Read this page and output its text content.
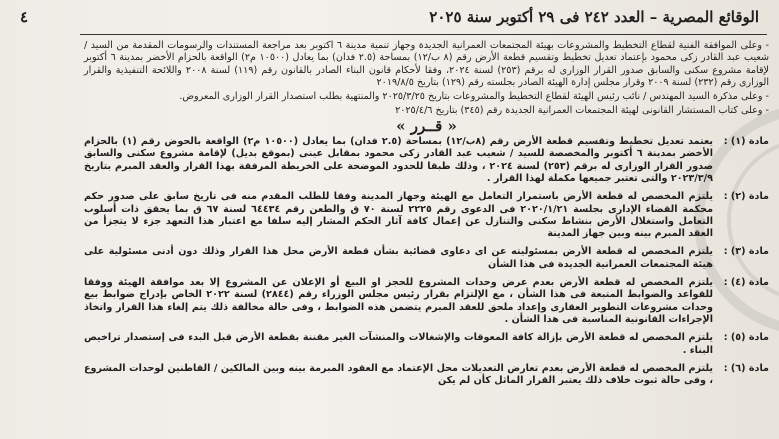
الوقائع المصرية – العدد ٢٤٢ فى ٢٩ أكتوبر سنة ٢٠٢٥
٤

- وعلى الموافقة الفنية لقطاع التخطيط والمشروعات بهيئة المجتمعات العمرانية الجديدة وجهاز تنمية مدينة ٦ اكتوبر بعد مراجعة المستندات والرسومات المقدمة من السيد / شعيب عبد القادر زكى محمود بإعتماد تعديل تخطيط وتقسيم قطعة الأرض رقم (٨ ب/١٢) بمساحة (٢.٥ فدان) بما يعادل (١٠٥٠٠ م٢) الواقعة بالحزام الأخضر بمدينة ٦ أكتوبر لإقامة مشروع سكنى والسابق صدور القرار الوزارى له برقم (٢٥٣) لسنة ٢٠٢٤، وفقا لأحكام قانون البناء الصادر بالقانون رقم (١١٩) لسنة ٢٠٠٨ واللائحة التنفيذية والقرار الوزارى رقم (٢٣٢) لسنة ٢٠٠٩ وقرار مجلس إدارة الهيئة الصادر بجلسته رقم (١٢٩) بتاريخ ٢٠١٩/٨/٥

- وعلى مذكرة السيد المهندس / نائب رئيس الهيئة لقطاع التخطيط والمشروعات بتاريخ ٢٠٢٥/٣/٢٥ والمنتهية بطلب استصدار القرار الوزارى المعروض.

- وعلى كتاب المستشار القانونى لهيئة المجتمعات العمرانية الجديدة رقم (٣٤٥) بتاريخ ٢٠٢٥/٤/٦

« قــرر »
مادة (١) :
يعتمد تعديل تخطيط وتقسيم قطعة الأرض رقم (٨ب/١٢) بمساحة (٢.٥ فدان) بما يعادل (١٠٥٠٠ م٢) الواقعة بالحوض رقم (١) بالحزام الأخضر بمدينة ٦ أكتوبر والمخصصة للسيد / شعيب عبد القادر زكى محمود بمقابل عينى (بموقع بديل) لإقامة مشروع سكنى والسابق صدور القرار الوزارى له برقم (٢٥٣) لسنة ٢٠٢٤ ، وذلك طبقا للحدود الموضحة على الخريطة المرفقة بهذا القرار والعقد المبرم بتاريخ ٢٠٢٣/٣/٩ والتى تعتبر جميعها مكملة لهذا القرار .
مادة (٢) :
يلتزم المخصص له قطعة الأرض باستمرار التعامل مع الهيئة وجهاز المدينة وفقا للطلب المقدم منه فى تاريخ سابق على صدور حكم محكمة القضاء الإدارى بجلسة ٢٠٢٠/١/٢١ فى الدعوى رقم ٢٢٢٥ لسنة ٧٠ ق والطعن رقم ٦٤٤٣٤ لسنة ٦٧ ق بما يحقق ذات أسلوب التعامل واستغلال الأرض بنشاط سكنى والتنازل عن إعمال كافة آثار الحكم المشار إليه سلفا مع اعتبار هذا التعهد جزء لا يتجزأ من العقد المبرم بينه وبين جهاز المدينة
مادة (٣) :
يلتزم المخصص له قطعة الأرض بمسئوليته عن اى دعاوى قضائية بشأن قطعة الأرض محل هذا القرار وذلك دون أدنى مسئولية على هيئة المجتمعات العمرانية الجديدة فى هذا الشأن
مادة (٤) :
يلتزم المخصص له قطعة الأرض بعدم عرض وحدات المشروع للحجز او البيع أو الإعلان عن المشروع إلا بعد موافقة الهيئة ووفقا للقواعد والضوابط المتبعة فى هذا الشأن ، مع الإلتزام بقرار رئيس مجلس الوزراء رقم (٢٨٤٤) لسنة ٢٠٢٢ الخاص بإدراج ضوابط بيع وحدات مشروعات التطوير العقارى وإعداد ملحق للعقد المبرم يتضمن هذه الضوابط ، وفى حالة مخالفة ذلك يتم إلغاء هذا القرار واتخاذ الإجراءات القانونية المناسبة فى هذا الشأن .
مادة (٥) :
يلتزم المخصص له قطعة الأرض بإزالة كافة المعوقات والإشغالات والمنشآت الغير مقننة بقطعة الأرض قبل البدء فى إستصدار تراخيص البناء .
مادة (٦) :
يلتزم المخصص له قطعة الأرض بعدم تعارض التعديلات محل الإعتماد مع العقود المبرمة بينه وبين المالكين / القاطنين لوحدات المشروع ، وفى حالة ثبوت خلاف ذلك يعتبر القرار الماثل كأن لم يكن
